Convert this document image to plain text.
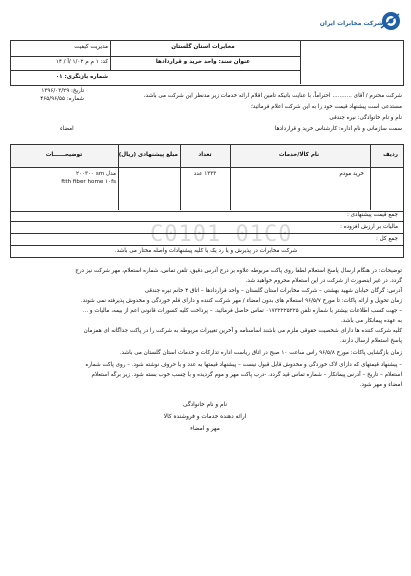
شرکت مخابرات ایران
مخابرات استان گلستان
عنوان سند: واحد خرید و قراردادها
مدیریت کیفیت
کد: ۱ م م ۱/۰۲ /آ / ۱۴
شماره بازنگری: ۰۱
تاریخ: ۱۳۹۶/۰۳/۲۹
شماره: ۴۶۵/۹۶/۵۵	شرکت محترم / آقای ........... احتراماً، با عنایت بانیکه تامین اقلام ارائه خدمات زیر مدنظر این شرکت می باشد،
مستدعی است پیشنهاد قیمت خود را به این شرکت اعلام فرمائید؛
نام و نام خانوادگی: نیره جندقی
سمت سازمانی و نام اداره: کارشناس خرید و قراردادها
امضاء
ردیف
نام کالا/خدمات
تعداد
مبلغ پیشنهادی (ریال)
توضیحــــــات
خرید مودم
۱۳۳۳ عدد
۲۰۰۳۰۰ sm مدل
ftth fiber home ۱۰fs
C0101 01C0
جمع قیمت پیشنهادی :
مالیات بر ارزش افزوده :
جمع کل :
شرکت مخابرات در پذیرش و یا رد یک یا کلیه پیشنهادات واصله مختار می باشد.
توضیحات: در هنگام ارسال پاسخ استعلام لطفا روی پاکت مربوطه علاوه بر درج آدرس دقیق، تلفن تماس، شماره استعلام، مهر شرکت نیز درج
گردد. در غیر اینصورت از شرکت در این استعلام محروم خواهید شد.
آدرس: گرگان خیابان شهید بهشتی – شرکت مخابرات استان گلستان – واحد قراردادها – اتاق ۴ خانم نیره جندقی
زمان تحویل و ارائه پاکات: تا مورخ ۹۶/۵/۷ استعلام های بدون امضاء / مهر شرکت کننده و دارای قلم خوردگی و مخدوش پذیرفته نمی شوند.
– جهت کسب اطلاعات بیشتر با شماره تلفن ۰۱۷۳۲۲۲۵۲۲۵ تماس حاصل فرمائید. – پرداخت کلیه کسورات قانونی اعم از بیمه، مالیات و ...
به عهده پیمانکار می باشد.
کلیه شرکت کننده ها دارای شخصیت حقوقی ملزم می باشند اساسنامه و آخرین تغییرات مربوطه به شرکت را در پاکت جداگانه ای همزمان
پاسخ استعلام ارسال دارند.
زمان بازگشایی پاکات: مورخ ۹۶/۵/۸ راس ساعت ۱۰ صبح در اتاق ریاست اداره تدارکات و خدمات استان گلستان می باشد.
– پیشنهاد قیمتهای که دارای لاک خوردگی و مخدوش قابل قبول نیست – پیشنهاد قیمتها به عدد و با حروف نوشته شود. – روی پاکت شماره
استعلام – تاریخ – آدرس پیمانکار – شماره تماس قید گردد. -درب پاکت مهر و موم گردیده و با چسب خوب بسته شود. زیر برگه استعلام
امضاء و مهر شود.
نام و نام خانوادگی
ارائه دهنده خدمات و فروشنده کالا
مهر و امضاء
